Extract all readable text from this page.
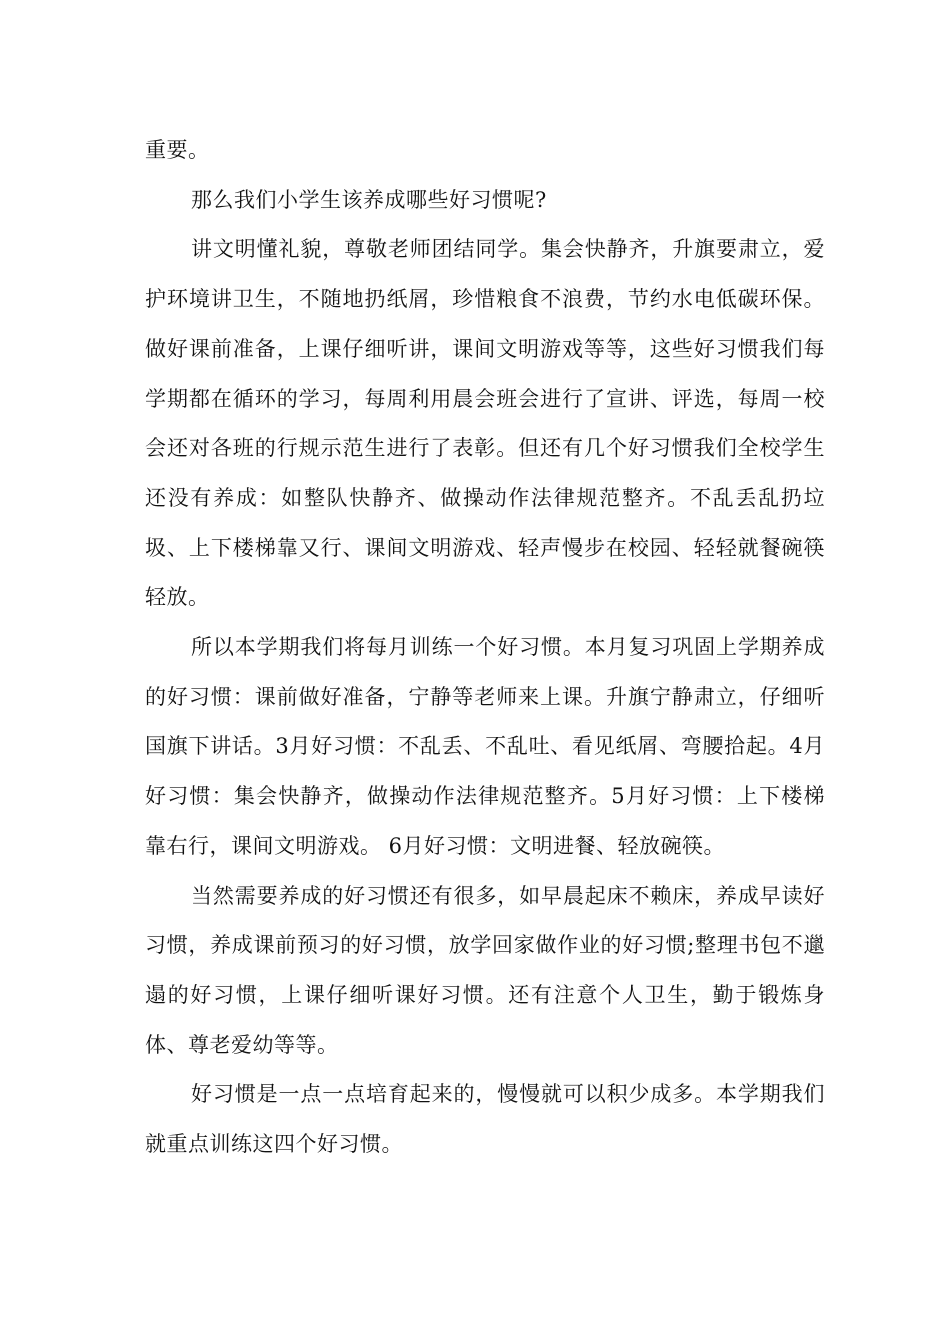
重要。

那么我们小学生该养成哪些好习惯呢?

讲文明懂礼貌，尊敬老师团结同学。集会快静齐，升旗要肃立，爱护环境讲卫生，不随地扔纸屑，珍惜粮食不浪费，节约水电低碳环保。做好课前准备，上课仔细听讲，课间文明游戏等等，这些好习惯我们每学期都在循环的学习，每周利用晨会班会进行了宣讲、评选，每周一校会还对各班的行规示范生进行了表彰。但还有几个好习惯我们全校学生还没有养成：如整队快静齐、做操动作法律规范整齐。不乱丢乱扔垃圾、上下楼梯靠又行、课间文明游戏、轻声慢步在校园、轻轻就餐碗筷轻放。

所以本学期我们将每月训练一个好习惯。本月复习巩固上学期养成的好习惯：课前做好准备，宁静等老师来上课。升旗宁静肃立，仔细听国旗下讲话。3月好习惯：不乱丢、不乱吐、看见纸屑、弯腰拾起。4月好习惯：集会快静齐，做操动作法律规范整齐。5月好习惯：上下楼梯靠右行，课间文明游戏。 6月好习惯：文明进餐、轻放碗筷。

当然需要养成的好习惯还有很多，如早晨起床不赖床，养成早读好习惯，养成课前预习的好习惯，放学回家做作业的好习惯;整理书包不邋遢的好习惯，上课仔细听课好习惯。还有注意个人卫生，勤于锻炼身体、尊老爱幼等等。

好习惯是一点一点培育起来的，慢慢就可以积少成多。本学期我们就重点训练这四个好习惯。
